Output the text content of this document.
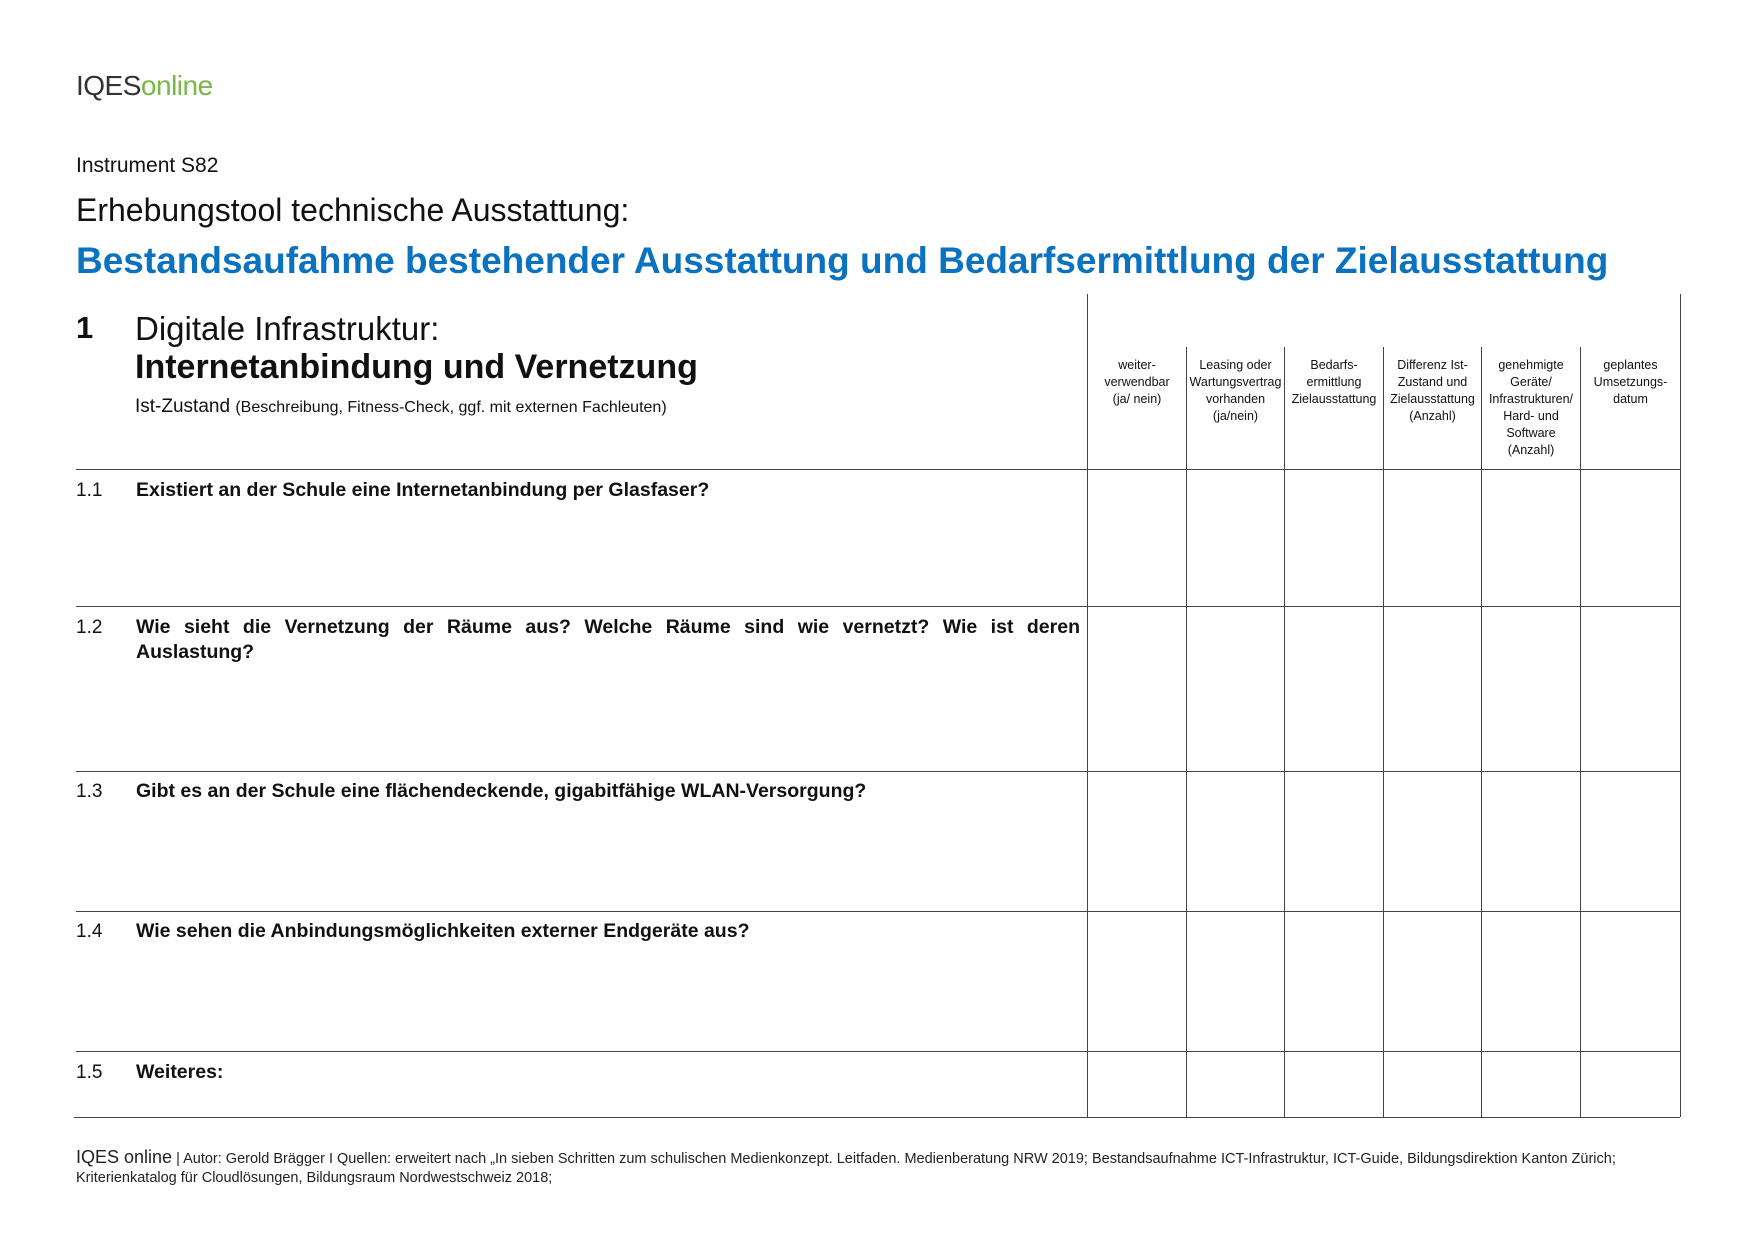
IQESonline
Instrument S82
Erhebungstool technische Ausstattung:
Bestandsaufahme bestehender Ausstattung und Bedarfsermittlung der Zielausstattung
1 Digitale Infrastruktur:
Internetanbindung und Vernetzung
Ist-Zustand (Beschreibung, Fitness-Check, ggf. mit externen Fachleuten)
weiter-
verwendbar
(ja/ nein)
Leasing oder
Wartungsvertrag
vorhanden
(ja/nein)
Bedarfs-
ermittlung
Zielausstattung
Differenz Ist-
Zustand und
Zielausstattung
(Anzahl)
genehmigte
Geräte/
Infrastrukturen/
Hard- und
Software
(Anzahl)
geplantes
Umsetzungs-
datum
1.1 Existiert an der Schule eine Internetanbindung per Glasfaser?
1.2 Wie sieht die Vernetzung der Räume aus? Welche Räume sind wie vernetzt? Wie ist deren Auslastung?
1.3 Gibt es an der Schule eine flächendeckende, gigabitfähige WLAN-Versorgung?
1.4 Wie sehen die Anbindungsmöglichkeiten externer Endgeräte aus?
1.5 Weiteres:
IQES online | Autor: Gerold Brägger I Quellen: erweitert nach „In sieben Schritten zum schulischen Medienkonzept. Leitfaden. Medienberatung NRW 2019; Bestandsaufnahme ICT-Infrastruktur, ICT-Guide, Bildungsdirektion Kanton Zürich; Kriterienkatalog für Cloudlösungen, Bildungsraum Nordwestschweiz 2018;
